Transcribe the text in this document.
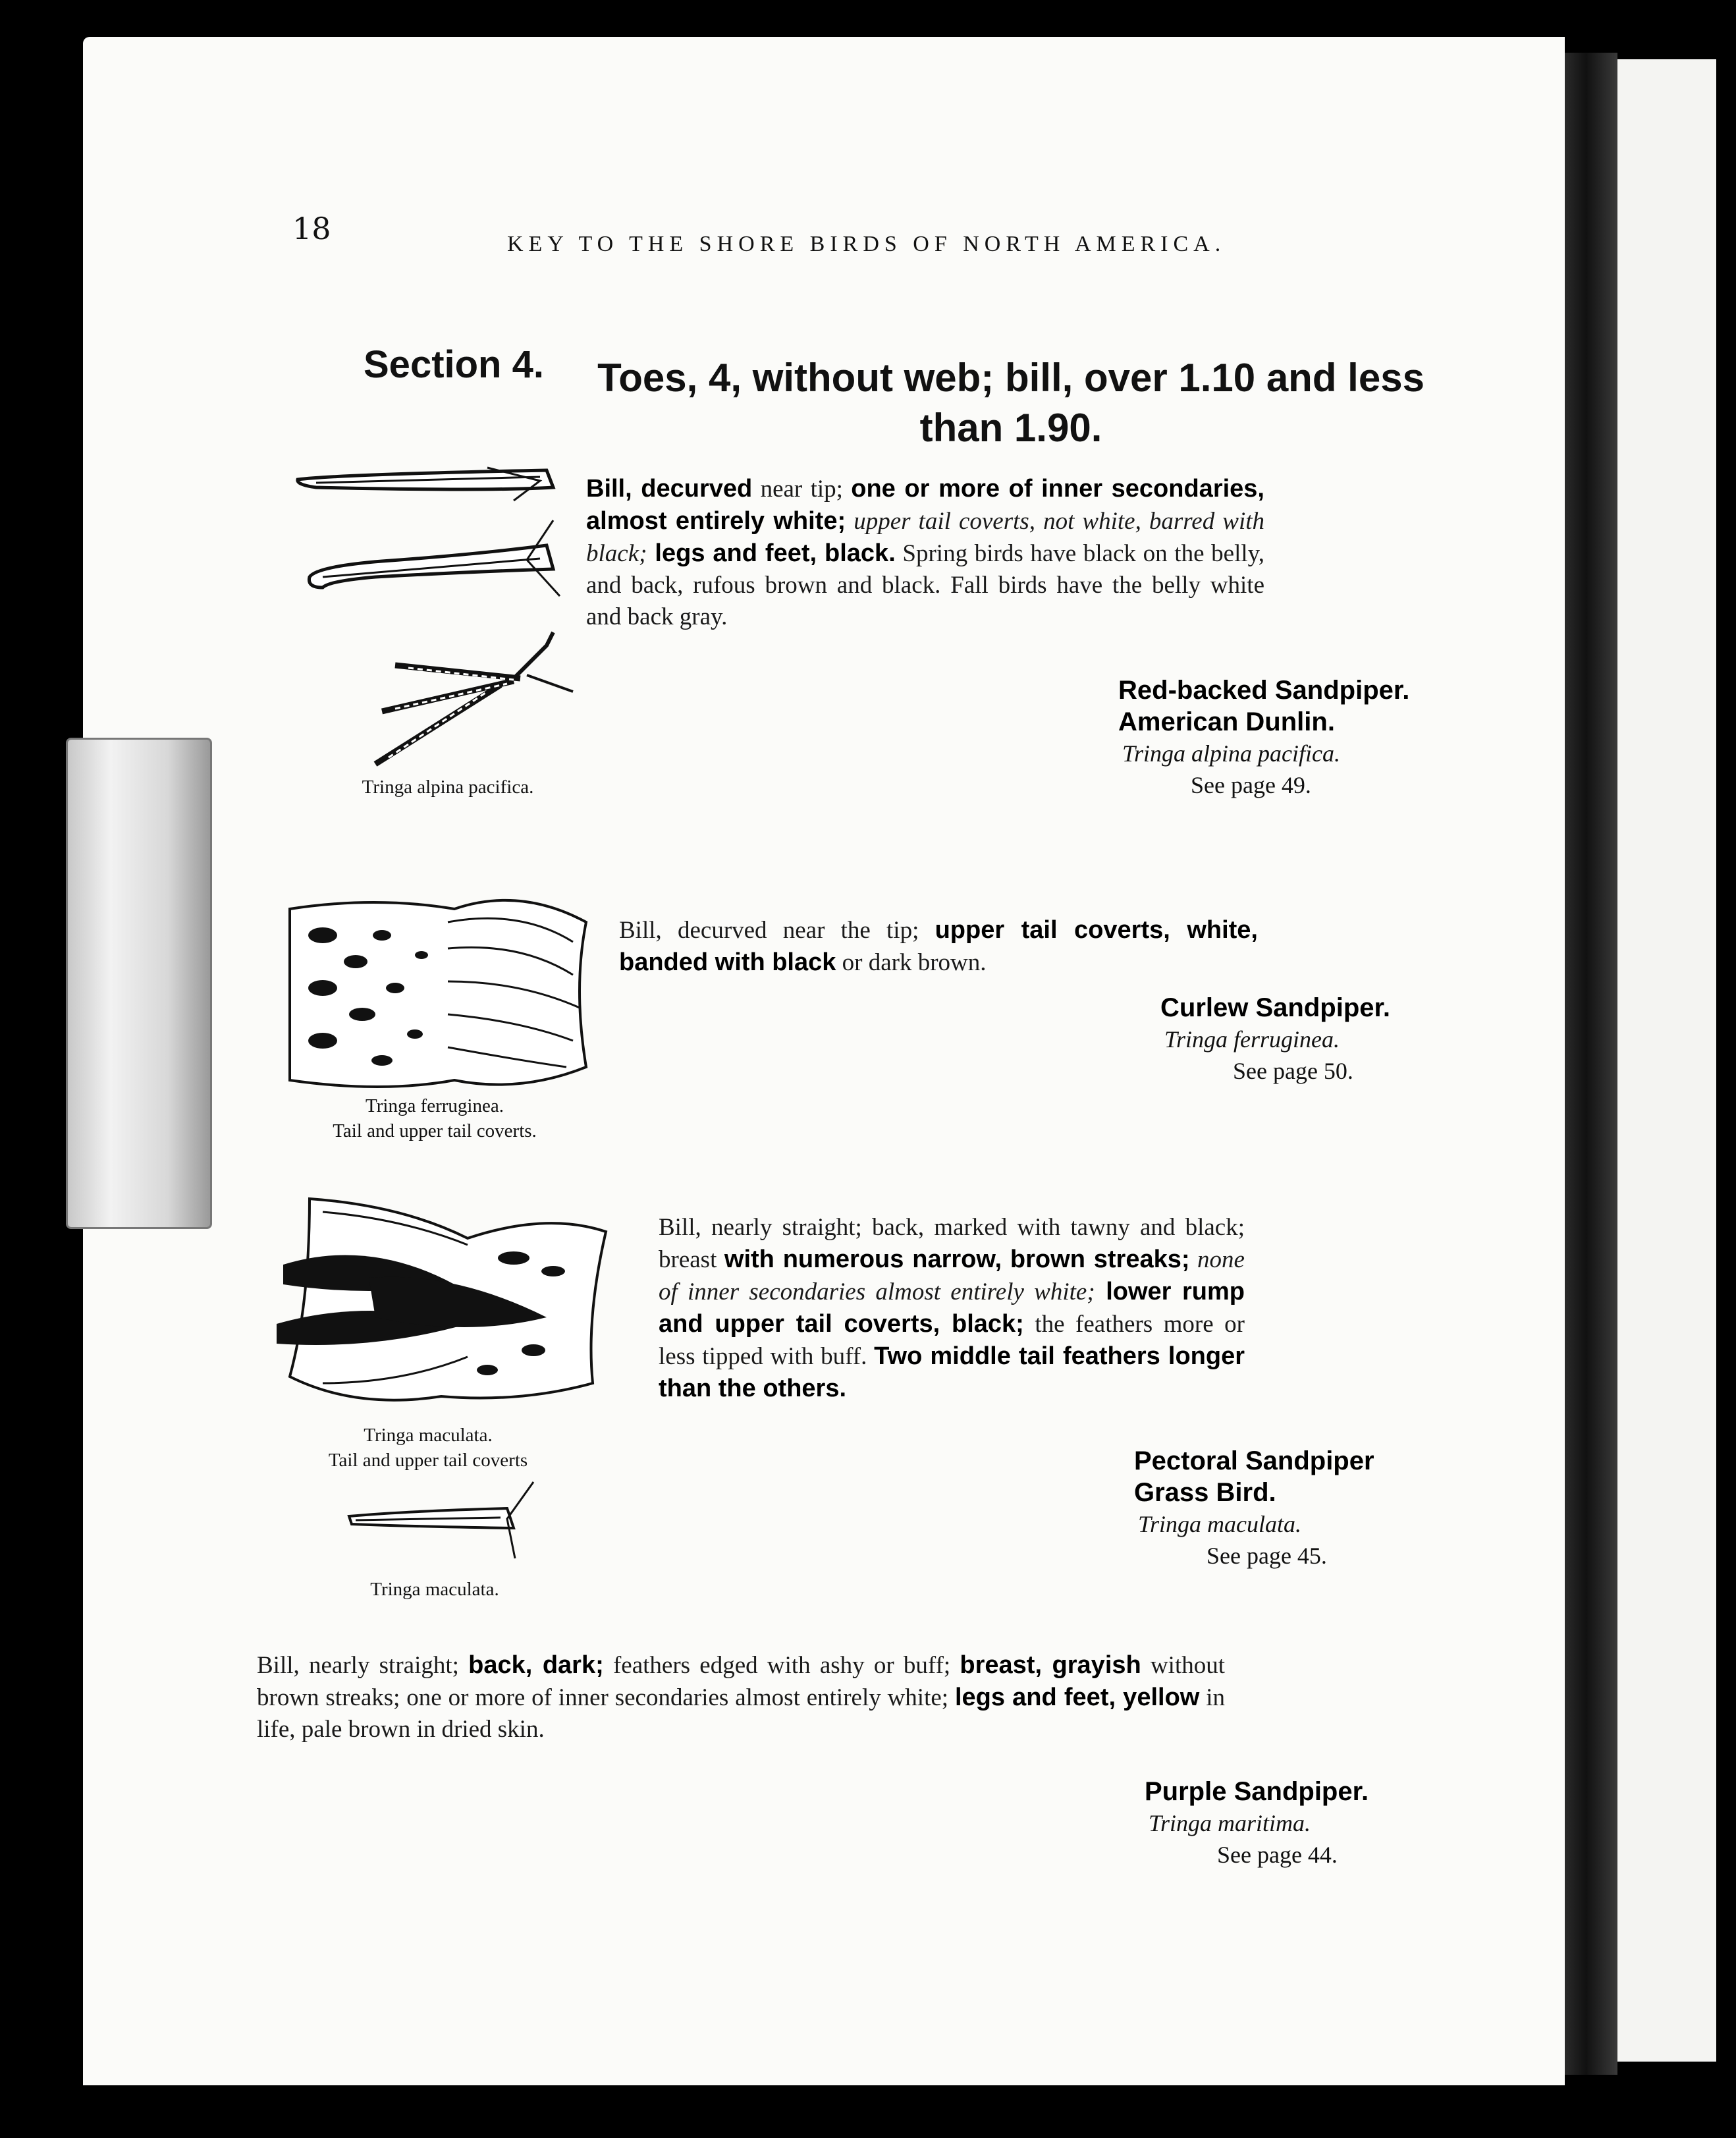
18	KEY TO THE SHORE BIRDS OF NORTH AMERICA.
Section 4.	Toes, 4, without web; bill, over 1.10 and less than 1.90.
Tringa alpina pacifica.
Bill, decurved near tip; one or more of inner secondaries, almost entirely white; upper tail coverts, not white, barred with black; legs and feet, black. Spring birds have black on the belly, and back, rufous brown and black. Fall birds have the belly white and back gray.
Red-backed Sandpiper.
American Dunlin.
Tringa alpina pacifica.
See page 49.
Tringa ferruginea.
Tail and upper tail coverts.
Bill, decurved near the tip; upper tail coverts, white, banded with black or dark brown.
Curlew Sandpiper.
Tringa ferruginea.
See page 50.
Tringa maculata.
Tail and upper tail coverts
Tringa maculata.
Bill, nearly straight; back, marked with tawny and black; breast with numerous narrow, brown streaks; none of inner secondaries almost entirely white; lower rump and upper tail coverts, black; the feathers more or less tipped with buff. Two middle tail feathers longer than the others.
Pectoral Sandpiper
Grass Bird.
Tringa maculata.
See page 45.
Bill, nearly straight; back, dark; feathers edged with ashy or buff; breast, grayish without brown streaks; one or more of inner secondaries almost entirely white; legs and feet, yellow in life, pale brown in dried skin.
Purple Sandpiper.
Tringa maritima.
See page 44.
